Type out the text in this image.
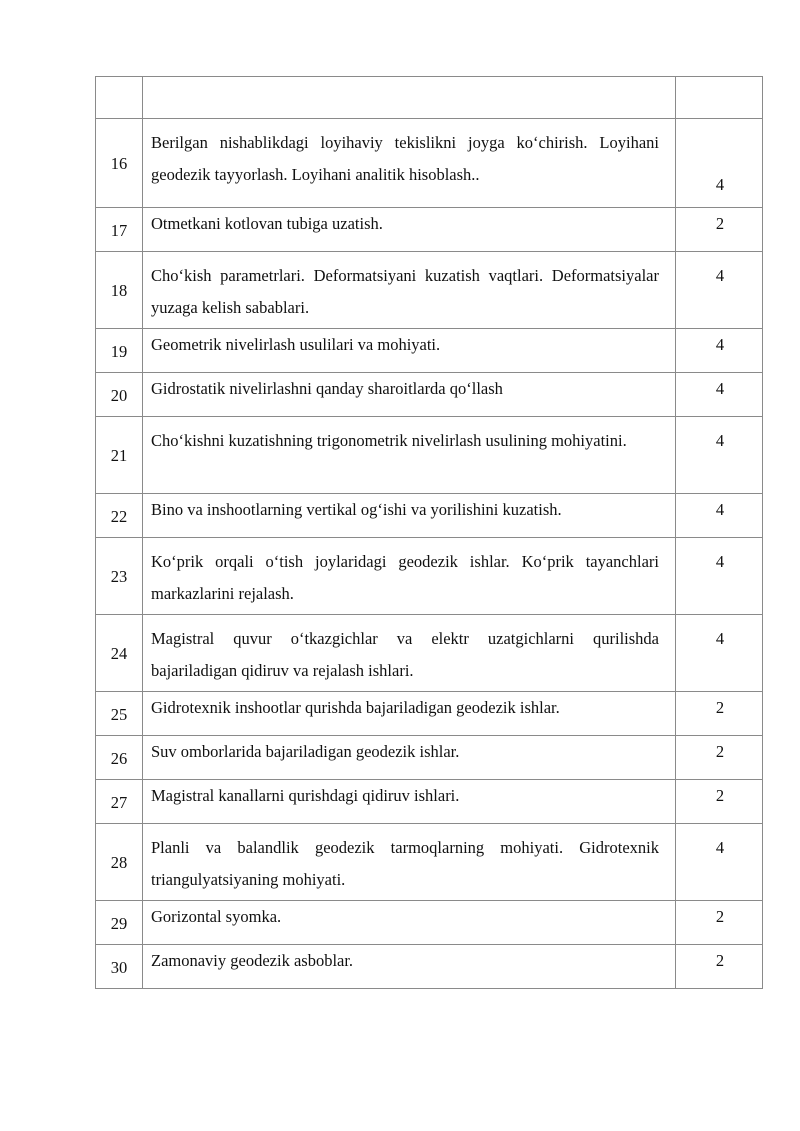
16	Berilgan nishablikdagi loyihaviy tekislikni joyga ko‘chirish. Loyihani geodezik tayyorlash. Loyihani analitik hisoblash..	4
17	Otmetkani kotlovan tubiga uzatish.	2
18	Cho‘kish parametrlari. Deformatsiyani kuzatish vaqtlari. Deformatsiyalar yuzaga kelish sabablari.	4
19	Geometrik nivelirlash usulilari va mohiyati.	4
20	Gidrostatik nivelirlashni qanday sharoitlarda qo‘llash	4
21	Cho‘kishni kuzatishning trigonometrik nivelirlash usulining mohiyatini.	4
22	Bino va inshootlarning vertikal og‘ishi va yorilishini kuzatish.	4
23	Ko‘prik orqali o‘tish joylaridagi geodezik ishlar. Ko‘prik tayanchlari markazlarini rejalash.	4
24	Magistral quvur o‘tkazgichlar va elektr uzatgichlarni qurilishda bajariladigan qidiruv va rejalash ishlari.	4
25	Gidrotexnik inshootlar qurishda bajariladigan geodezik ishlar.	2
26	Suv omborlarida bajariladigan geodezik ishlar.	2
27	Magistral kanallarni qurishdagi qidiruv ishlari.	2
28	Planli va balandlik geodezik tarmoqlarning mohiyati. Gidrotexnik triangulyatsiyaning mohiyati.	4
29	Gorizontal syomka.	2
30	Zamonaviy geodezik asboblar.	2
